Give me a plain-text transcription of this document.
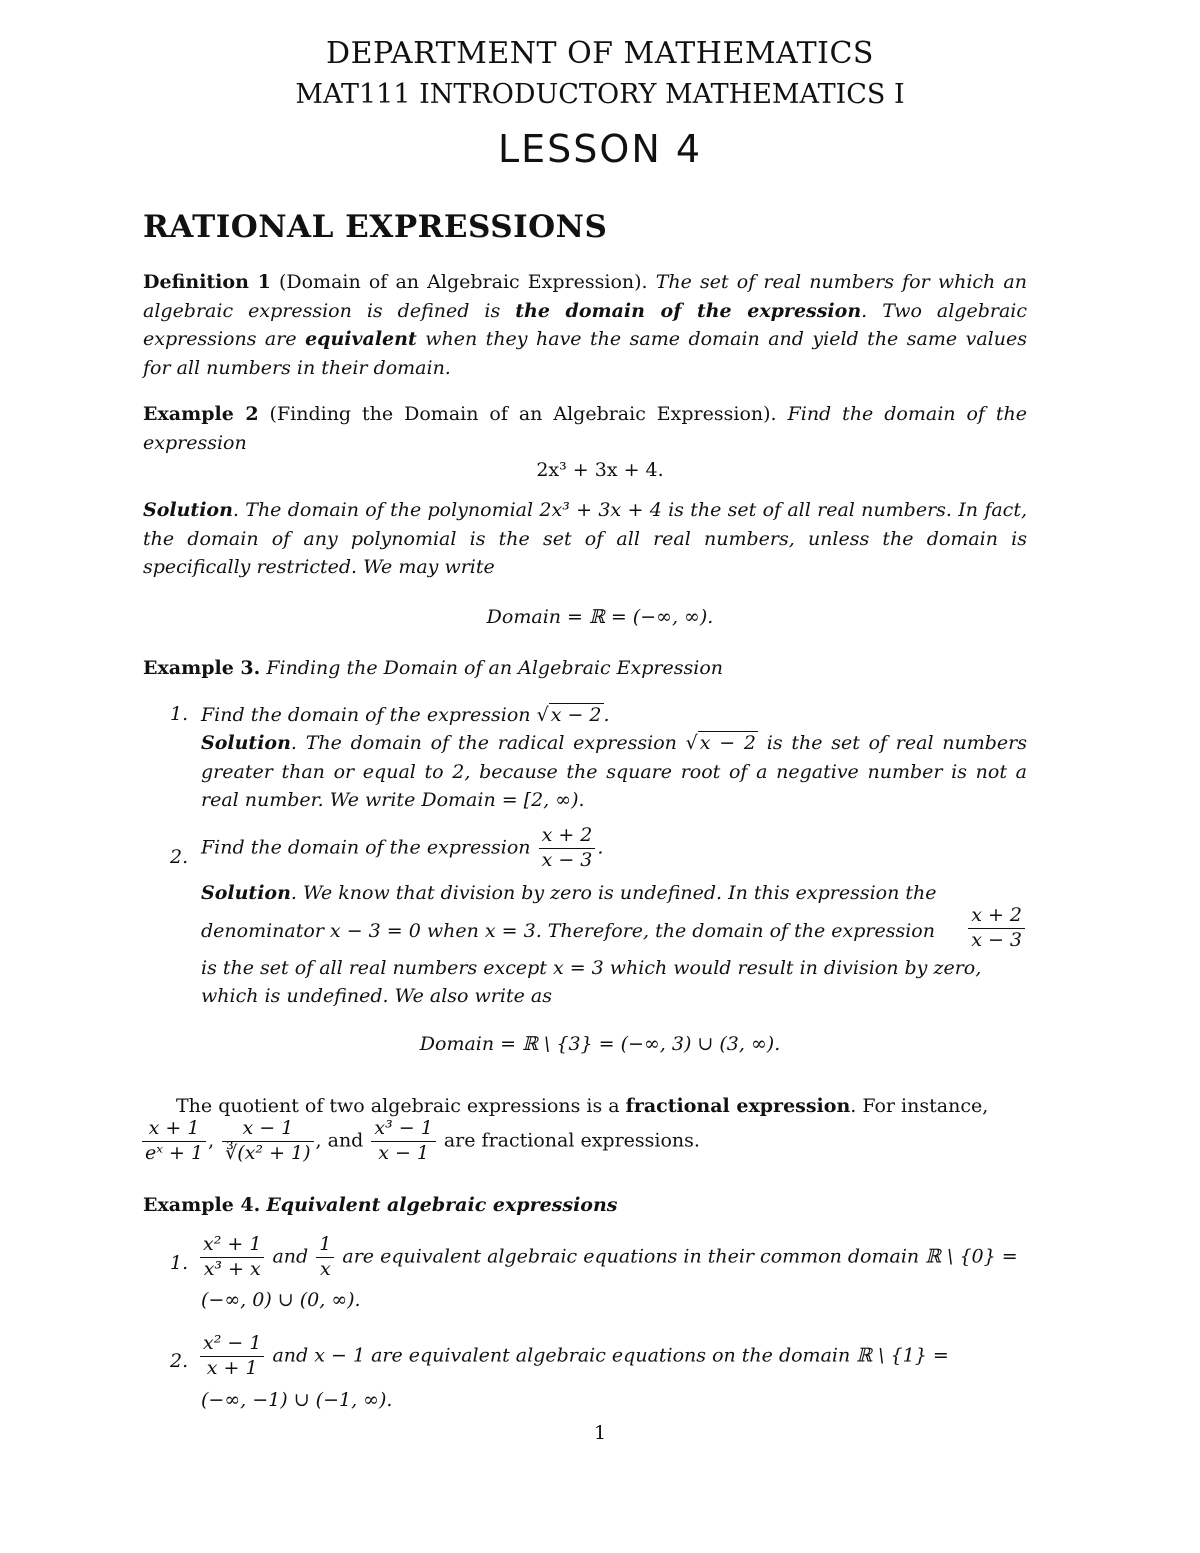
DEPARTMENT OF MATHEMATICS
MAT111 INTRODUCTORY MATHEMATICS I
LESSON 4
RATIONAL EXPRESSIONS
Definition 1 (Domain of an Algebraic Expression). The set of real numbers for which an algebraic expression is defined is the domain of the expression. Two algebraic expressions are equivalent when they have the same domain and yield the same values for all numbers in their domain.
Example 2 (Finding the Domain of an Algebraic Expression). Find the domain of the expression
2x³ + 3x + 4.
Solution. The domain of the polynomial 2x³ + 3x + 4 is the set of all real numbers. In fact, the domain of any polynomial is the set of all real numbers, unless the domain is specifically restricted. We may write
Domain = ℝ = (−∞, ∞).
Example 3. Finding the Domain of an Algebraic Expression
1. Find the domain of the expression √ x − 2 .
Solution. The domain of the radical expression √ x − 2 is the set of real numbers greater than or equal to 2, because the square root of a negative number is not a real number. We write Domain = [2, ∞).
2. Find the domain of the expression $\frac{x + 2}{x - 3}$ .
Solution. We know that division by zero is undefined. In this expression the
denominator x − 3 = 0 when x = 3. Therefore, the domain of the expression $\frac{x + 2}{x - 3}$
is the set of all real numbers except x = 3 which would result in division by zero,
which is undefined. We also write as
Domain = ℝ \ {3} = (−∞, 3) ∪ (3, ∞).
The quotient of two algebraic expressions is a fractional expression. For instance,
$\frac{x + 1}{\text{eˣ + 1}}$ , $\frac{x - 1}{\text{∛(x² + 1)}}$ , and $\frac{\text{x³ − 1}}{x - 1}$ are fractional expressions.
Example 4. Equivalent algebraic expressions
1. $\frac{\text{x² + 1}}{\text{x³ + x}}$ and $\frac{1}{x}$ are equivalent algebraic equations in their common domain ℝ \ {0} =
(−∞, 0) ∪ (0, ∞).
2. $\frac{\text{x² − 1}}{x + 1}$ and x − 1 are equivalent algebraic equations on the domain ℝ \ {1} =
(−∞, −1) ∪ (−1, ∞).
1
